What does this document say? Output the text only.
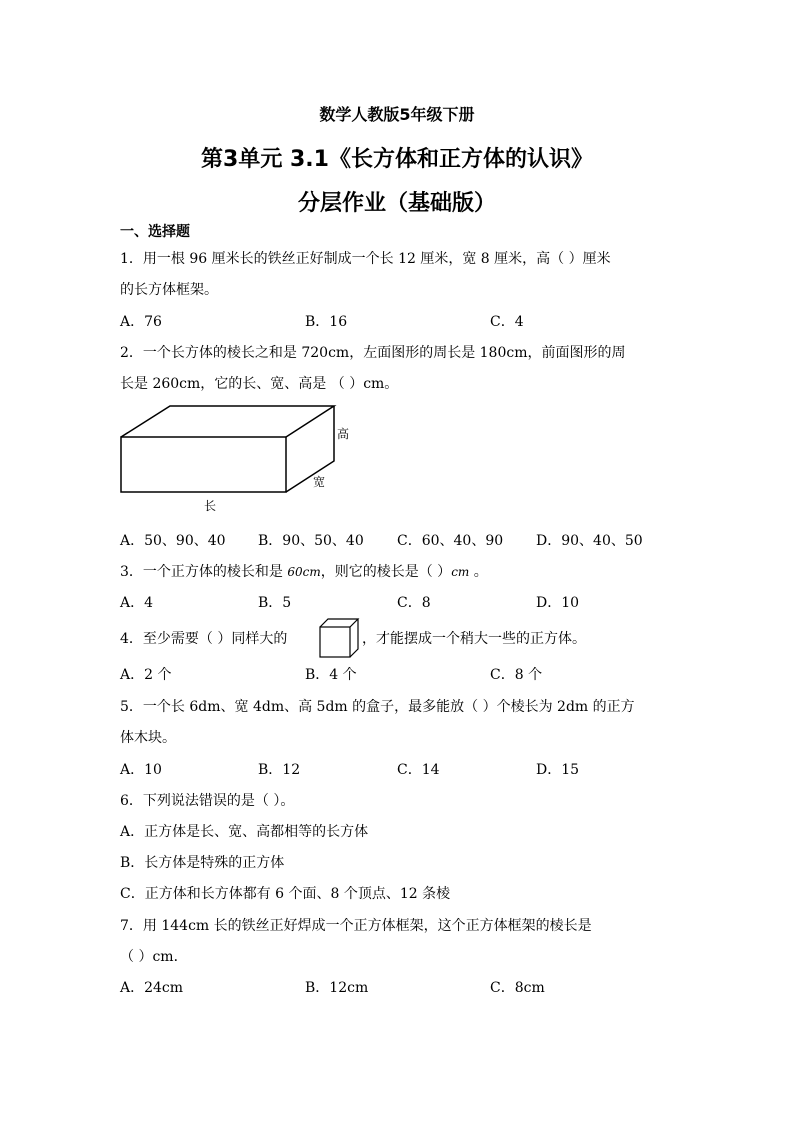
数学人教版5年级下册
第3单元 3.1《长方体和正方体的认识》
分层作业（基础版）
一、选择题
1．用一根 96 厘米长的铁丝正好制成一个长 12 厘米，宽 8 厘米，高（ ）厘米
的长方体框架。
A．76	B．16	C．4
2．一个长方体的棱长之和是 720cm，左面图形的周长是 180cm，前面图形的周
长是 260cm，它的长、宽、高是 （ ）cm。
高
宽
长
A．50、90、40 B．90、50、40 C．60、40、90 D．90、40、50
3．一个正方体的棱长和是 60cm，则它的棱长是（ ）cm 。
A．4	B．5	C．8	D．10
4．至少需要（ ）同样大的	，才能摆成一个稍大一些的正方体。
A．2 个	B．4 个	C．8 个
5．一个长 6dm、宽 4dm、高 5dm 的盒子，最多能放（ ）个棱长为 2dm 的正方
体木块。
A．10	B．12	C．14	D．15
6．下列说法错误的是（ ）。
A．正方体是长、宽、高都相等的长方体
B．长方体是特殊的正方体
C．正方体和长方体都有 6 个面、8 个顶点、12 条棱
7．用 144cm 长的铁丝正好焊成一个正方体框架，这个正方体框架的棱长是
（ ）cm．
A．24cm	B．12cm	C．8cm
